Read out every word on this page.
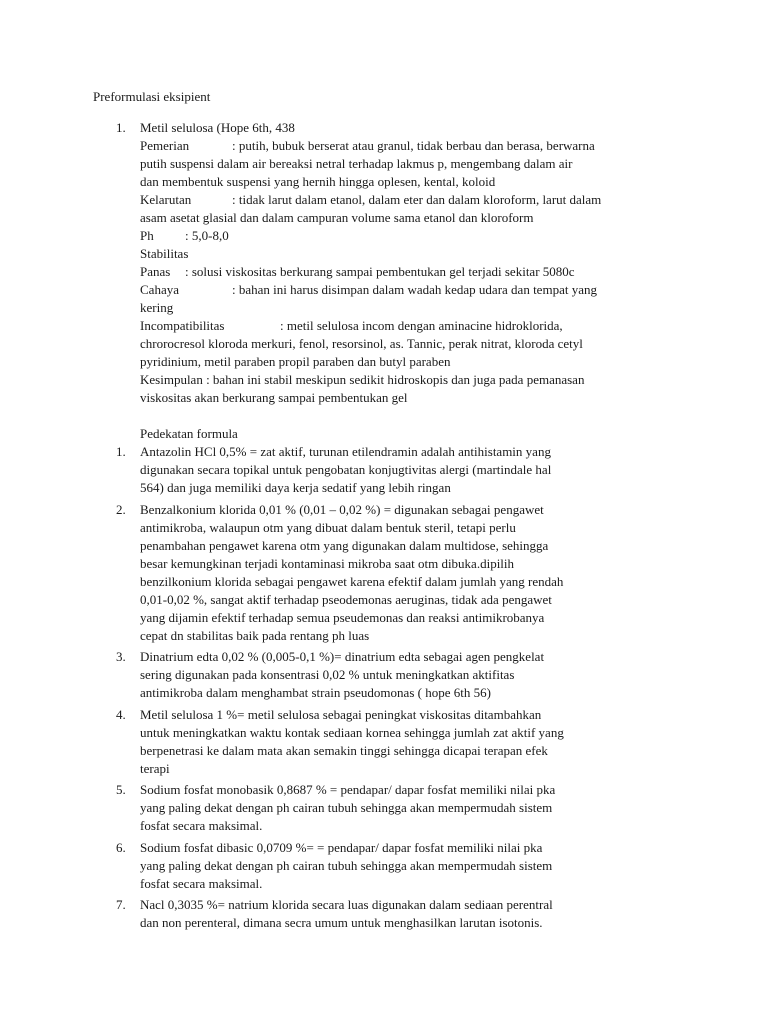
Preformulasi eksipient
1. Metil selulosa (Hope 6th, 438
Pemerian	: putih, bubuk berserat atau granul, tidak berbau dan berasa, berwarna
putih suspensi dalam air bereaksi netral terhadap lakmus p, mengembang dalam air
dan membentuk suspensi yang hernih hingga oplesen, kental, koloid
Kelarutan	: tidak larut dalam etanol, dalam eter dan dalam kloroform, larut dalam
asam asetat glasial dan dalam campuran volume sama etanol dan kloroform
Ph : 5,0-8,0
Stabilitas
Panas : solusi viskositas berkurang sampai pembentukan gel terjadi sekitar 5080c
Cahaya	: bahan ini harus disimpan dalam wadah kedap udara dan tempat yang
kering
Incompatibilitas	: metil selulosa incom dengan aminacine hidroklorida,
chrorocresol kloroda merkuri, fenol, resorsinol, as. Tannic, perak nitrat, kloroda cetyl
pyridinium, metil paraben propil paraben dan butyl paraben
Kesimpulan : bahan ini stabil meskipun sedikit hidroskopis dan juga pada pemanasan
viskositas akan berkurang sampai pembentukan gel
Pedekatan formula
1. Antazolin HCl 0,5% = zat aktif, turunan etilendramin adalah antihistamin yang
digunakan secara topikal untuk pengobatan konjugtivitas alergi (martindale hal
564) dan juga memiliki daya kerja sedatif yang lebih ringan
2. Benzalkonium klorida 0,01 % (0,01 – 0,02 %) = digunakan sebagai pengawet
antimikroba, walaupun otm yang dibuat dalam bentuk steril, tetapi perlu
penambahan pengawet karena otm yang digunakan dalam multidose, sehingga
besar kemungkinan terjadi kontaminasi mikroba saat otm dibuka.dipilih
benzilkonium klorida sebagai pengawet karena efektif dalam jumlah yang rendah
0,01-0,02 %, sangat aktif terhadap pseodemonas aeruginas, tidak ada pengawet
yang dijamin efektif terhadap semua pseudemonas dan reaksi antimikrobanya
cepat dn stabilitas baik pada rentang ph luas
3. Dinatrium edta 0,02 % (0,005-0,1 %)= dinatrium edta sebagai agen pengkelat
sering digunakan pada konsentrasi 0,02 % untuk meningkatkan aktifitas
antimikroba dalam menghambat strain pseudomonas ( hope 6th 56)
4. Metil selulosa 1 %= metil selulosa sebagai peningkat viskositas ditambahkan
untuk meningkatkan waktu kontak sediaan kornea sehingga jumlah zat aktif yang
berpenetrasi ke dalam mata akan semakin tinggi sehingga dicapai terapan efek
terapi
5. Sodium fosfat monobasik 0,8687 % = pendapar/ dapar fosfat memiliki nilai pka
yang paling dekat dengan ph cairan tubuh sehingga akan mempermudah sistem
fosfat secara maksimal.
6. Sodium fosfat dibasic 0,0709 %= = pendapar/ dapar fosfat memiliki nilai pka
yang paling dekat dengan ph cairan tubuh sehingga akan mempermudah sistem
fosfat secara maksimal.
7. Nacl 0,3035 %= natrium klorida secara luas digunakan dalam sediaan perentral
dan non perenteral, dimana secra umum untuk menghasilkan larutan isotonis.
